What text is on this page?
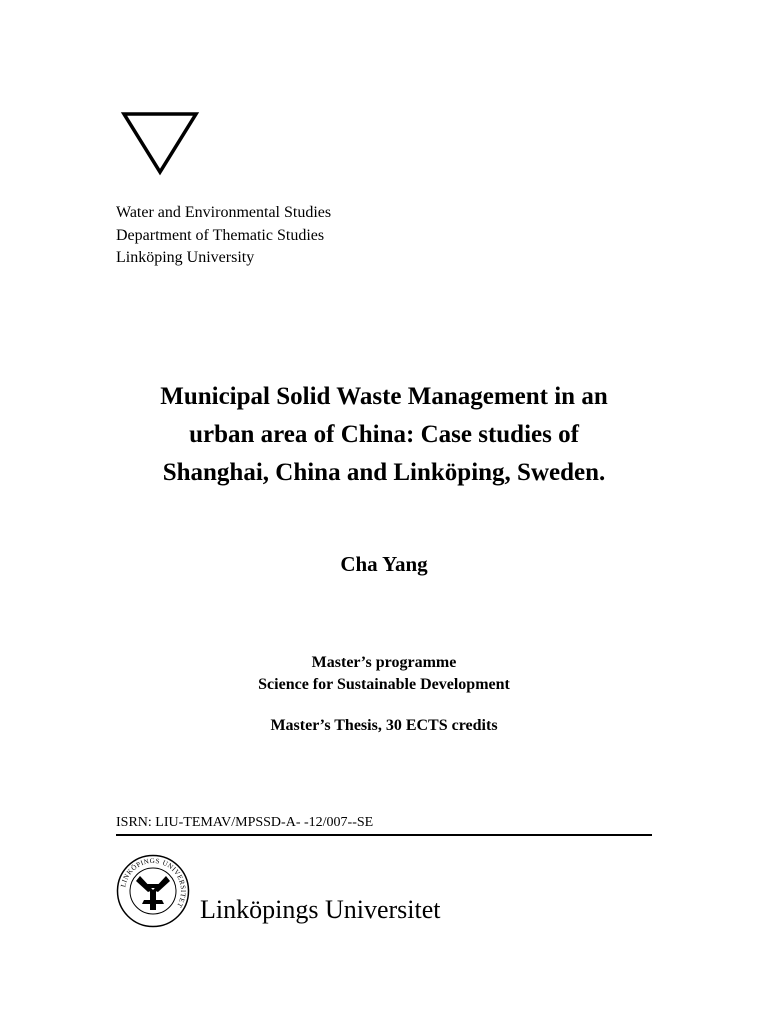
Water and Environmental Studies
Department of Thematic Studies
Linköping University
Municipal Solid Waste Management in an
urban area of China: Case studies of
Shanghai, China and Linköping, Sweden.
Cha Yang
Master’s programme
Science for Sustainable Development
Master’s Thesis, 30 ECTS credits
ISRN: LIU-TEMAV/MPSSD-A- -12/007--SE
LINKÖPINGS UNIVERSITET Linköpings Universitet
